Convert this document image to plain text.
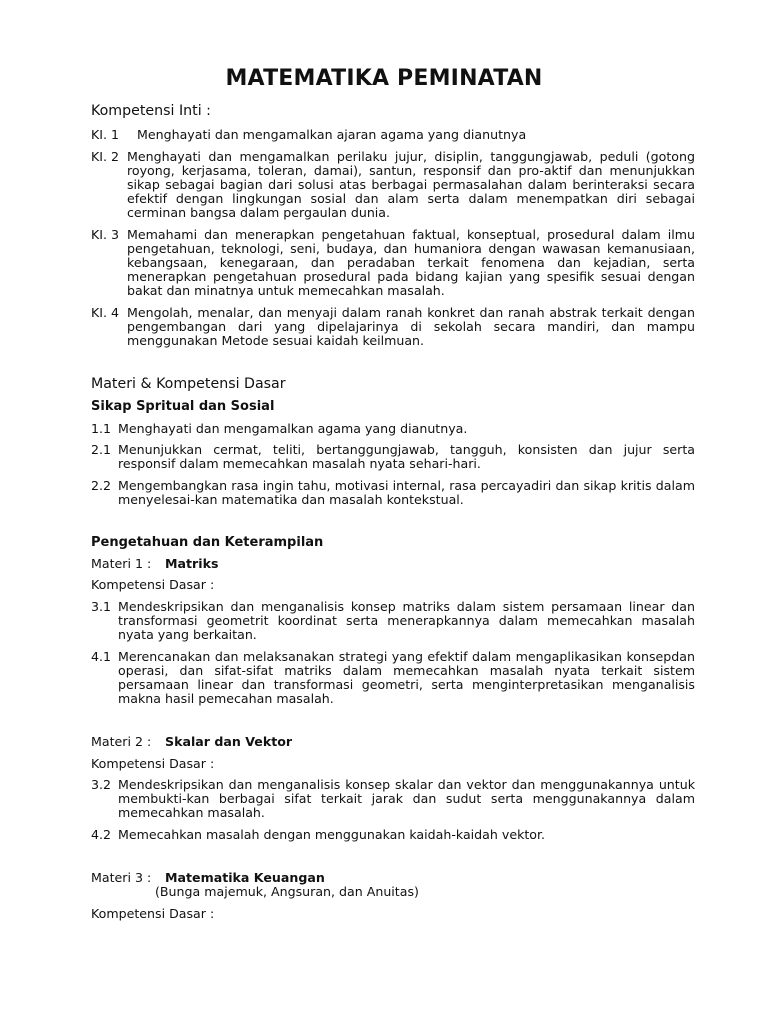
MATEMATIKA PEMINATAN
Kompetensi Inti :
KI. 1 Menghayati dan mengamalkan ajaran agama yang dianutnya
KI. 2 Menghayati dan mengamalkan perilaku jujur, disiplin, tanggungjawab, peduli (gotong royong, kerjasama, toleran, damai), santun, responsif dan pro-aktif dan menunjukkan sikap sebagai bagian dari solusi atas berbagai permasalahan dalam berinteraksi secara efektif dengan lingkungan sosial dan alam serta dalam menempatkan diri sebagai cerminan bangsa dalam pergaulan dunia.
KI. 3 Memahami dan menerapkan pengetahuan faktual, konseptual, prosedural dalam ilmu pengetahuan, teknologi, seni, budaya, dan humaniora dengan wawasan kemanusiaan, kebangsaan, kenegaraan, dan peradaban terkait fenomena dan kejadian, serta menerapkan pengetahuan prosedural pada bidang kajian yang spesifik sesuai dengan bakat dan minatnya untuk memecahkan masalah.
KI. 4 Mengolah, menalar, dan menyaji dalam ranah konkret dan ranah abstrak terkait dengan pengembangan dari yang dipelajarinya di sekolah secara mandiri, dan mampu menggunakan Metode sesuai kaidah keilmuan.
Materi & Kompetensi Dasar
Sikap Spritual dan Sosial
1.1 Menghayati dan mengamalkan agama yang dianutnya.
2.1 Menunjukkan cermat, teliti, bertanggungjawab, tangguh, konsisten dan jujur serta responsif dalam memecahkan masalah nyata sehari-hari.
2.2 Mengembangkan rasa ingin tahu, motivasi internal, rasa percayadiri dan sikap kritis dalam menyelesai-kan matematika dan masalah kontekstual.
Pengetahuan dan Keterampilan
Materi 1 : Matriks
Kompetensi Dasar :
3.1 Mendeskripsikan dan menganalisis konsep matriks dalam sistem persamaan linear dan transformasi geometrit koordinat serta menerapkannya dalam memecahkan masalah nyata yang berkaitan.
4.1 Merencanakan dan melaksanakan strategi yang efektif dalam mengaplikasikan konsepdan operasi, dan sifat-sifat matriks dalam memecahkan masalah nyata terkait sistem persamaan linear dan transformasi geometri, serta menginterpretasikan menganalisis makna hasil pemecahan masalah.
Materi 2 : Skalar dan Vektor
Kompetensi Dasar :
3.2 Mendeskripsikan dan menganalisis konsep skalar dan vektor dan menggunakannya untuk membukti-kan berbagai sifat terkait jarak dan sudut serta menggunakannya dalam memecahkan masalah.
4.2 Memecahkan masalah dengan menggunakan kaidah-kaidah vektor.
Materi 3 : Matematika Keuangan
(Bunga majemuk, Angsuran, dan Anuitas)
Kompetensi Dasar :
